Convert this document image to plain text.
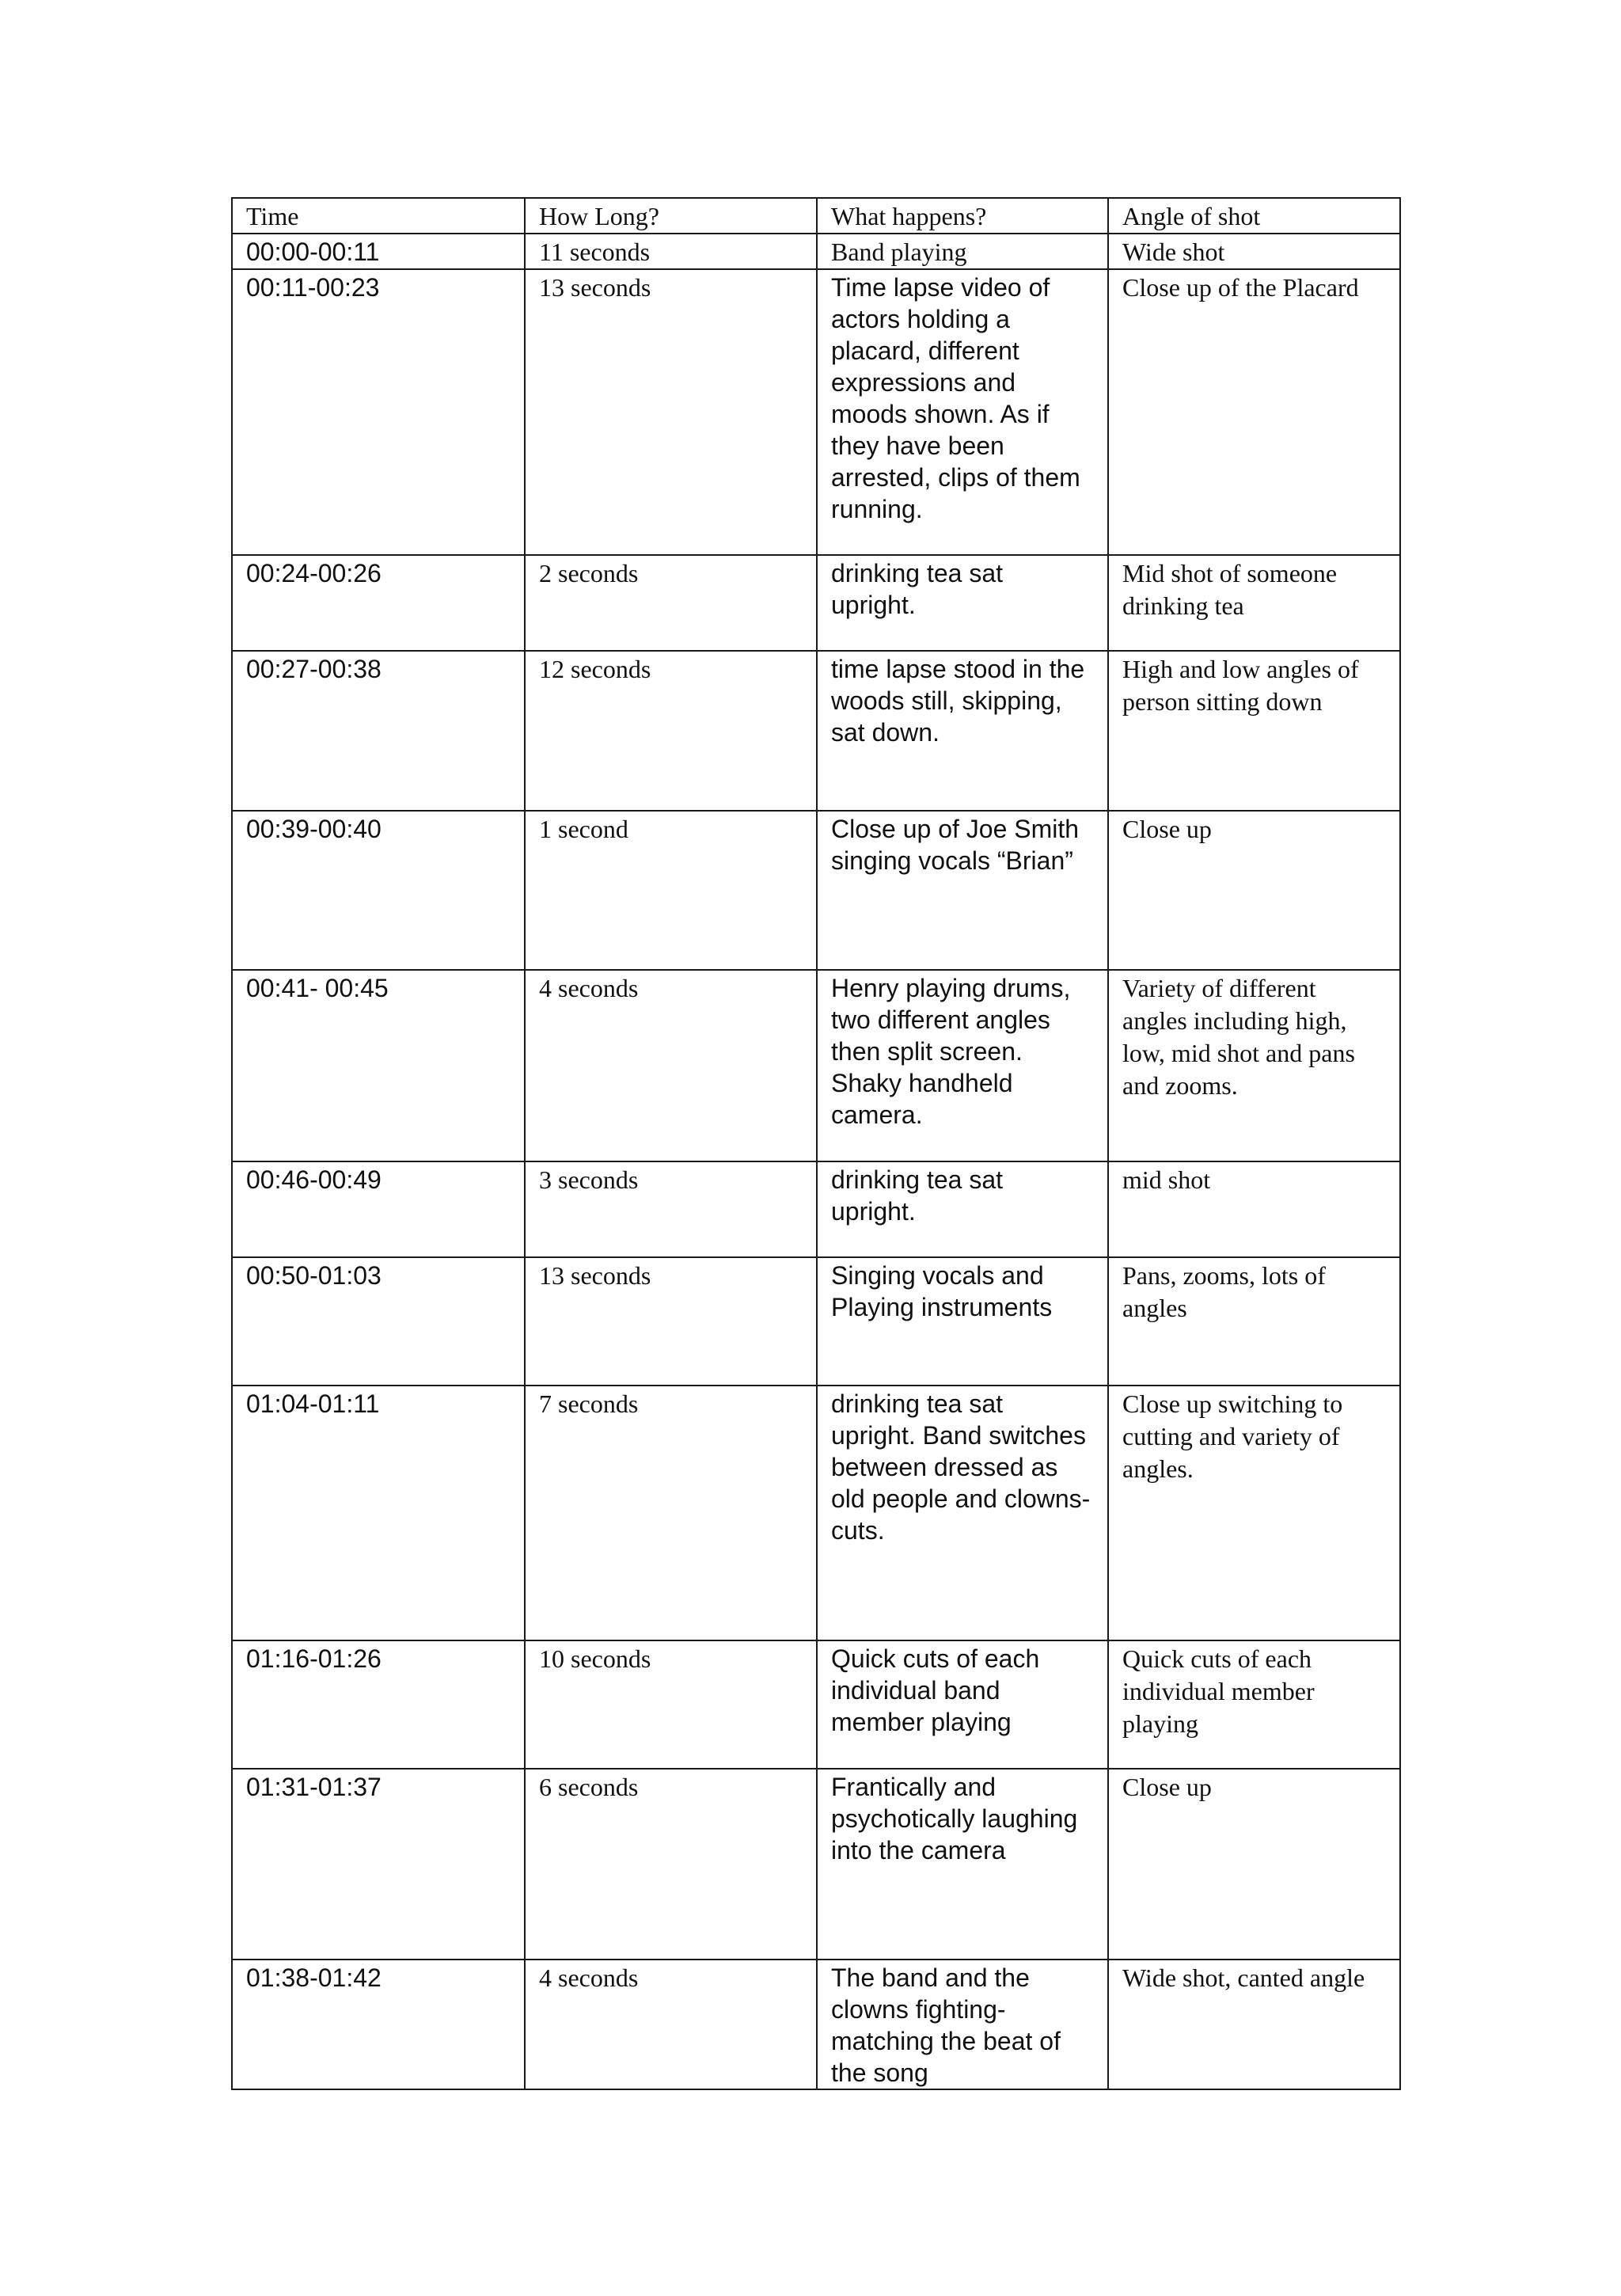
Time	How Long?	What happens?	Angle of shot

00:00-00:11	11 seconds	Band playing	Wide shot

00:11-00:23	13 seconds	Time lapse video of actors holding a placard, different expressions and moods shown. As if they have been arrested, clips of them running.	Close up of the Placard

00:24-00:26	2 seconds	drinking tea sat upright.	Mid shot of someone drinking tea

00:27-00:38	12 seconds	time lapse stood in the woods still, skipping, sat down.	High and low angles of person sitting down

00:39-00:40	1 second	Close up of Joe Smith singing vocals “Brian”	Close up

00:41- 00:45	4 seconds	Henry playing drums, two different angles then split screen. Shaky handheld camera.	Variety of different angles including high, low, mid shot and pans and zooms.

00:46-00:49	3 seconds	drinking tea sat upright.	mid shot

00:50-01:03	13 seconds	Singing vocals and Playing instruments	Pans, zooms, lots of angles

01:04-01:11	7 seconds	drinking tea sat upright. Band switches between dressed as old people and clowns- cuts.	Close up switching to cutting and variety of angles.

01:16-01:26	10 seconds	Quick cuts of each individual band member playing	Quick cuts of each individual member playing

01:31-01:37	6 seconds	Frantically and psychotically laughing into the camera	Close up

01:38-01:42	4 seconds	The band and the clowns fighting- matching the beat of the song	Wide shot, canted angle
